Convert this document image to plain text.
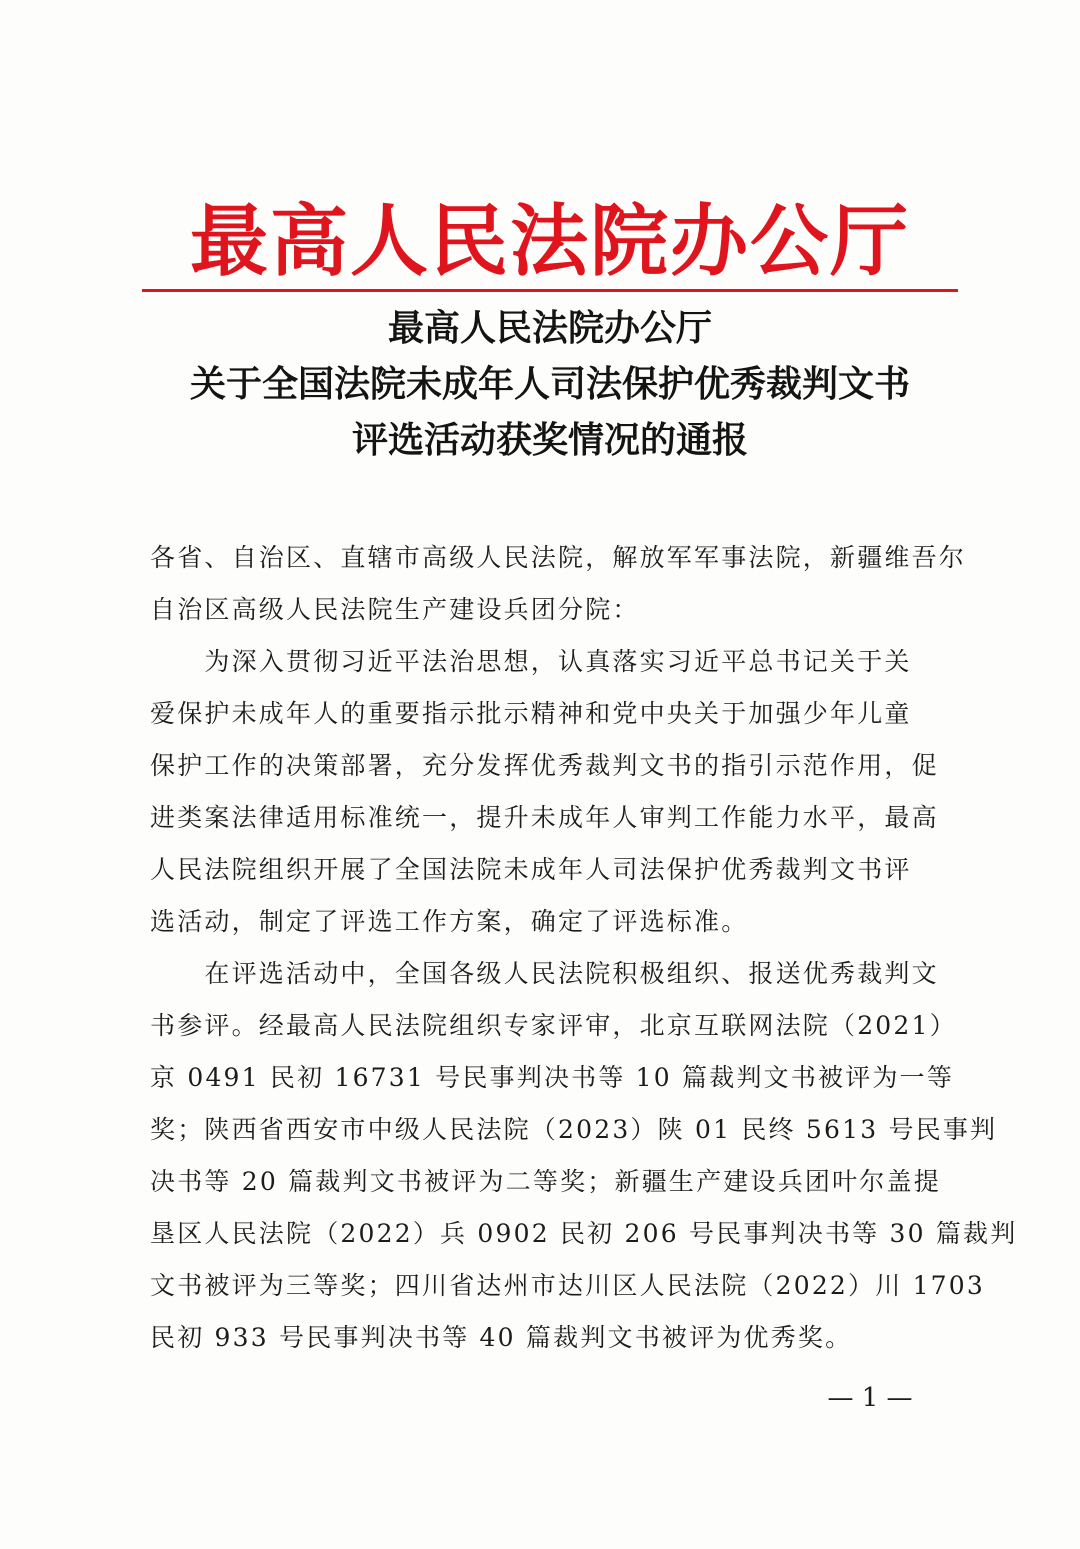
最高人民法院办公厅
最高人民法院办公厅
关于全国法院未成年人司法保护优秀裁判文书
评选活动获奖情况的通报
各省、自治区、直辖市高级人民法院，解放军军事法院，新疆维吾尔
自治区高级人民法院生产建设兵团分院：
　　为深入贯彻习近平法治思想，认真落实习近平总书记关于关
爱保护未成年人的重要指示批示精神和党中央关于加强少年儿童
保护工作的决策部署，充分发挥优秀裁判文书的指引示范作用，促
进类案法律适用标准统一，提升未成年人审判工作能力水平，最高
人民法院组织开展了全国法院未成年人司法保护优秀裁判文书评
选活动，制定了评选工作方案，确定了评选标准。
　　在评选活动中，全国各级人民法院积极组织、报送优秀裁判文
书参评。经最高人民法院组织专家评审，北京互联网法院（2021）
京 0491 民初 16731 号民事判决书等 10 篇裁判文书被评为一等
奖；陕西省西安市中级人民法院（2023）陕 01 民终 5613 号民事判
决书等 20 篇裁判文书被评为二等奖；新疆生产建设兵团叶尔盖提
垦区人民法院（2022）兵 0902 民初 206 号民事判决书等 30 篇裁判
文书被评为三等奖；四川省达州市达川区人民法院（2022）川 1703
民初 933 号民事判决书等 40 篇裁判文书被评为优秀奖。
— 1 —
